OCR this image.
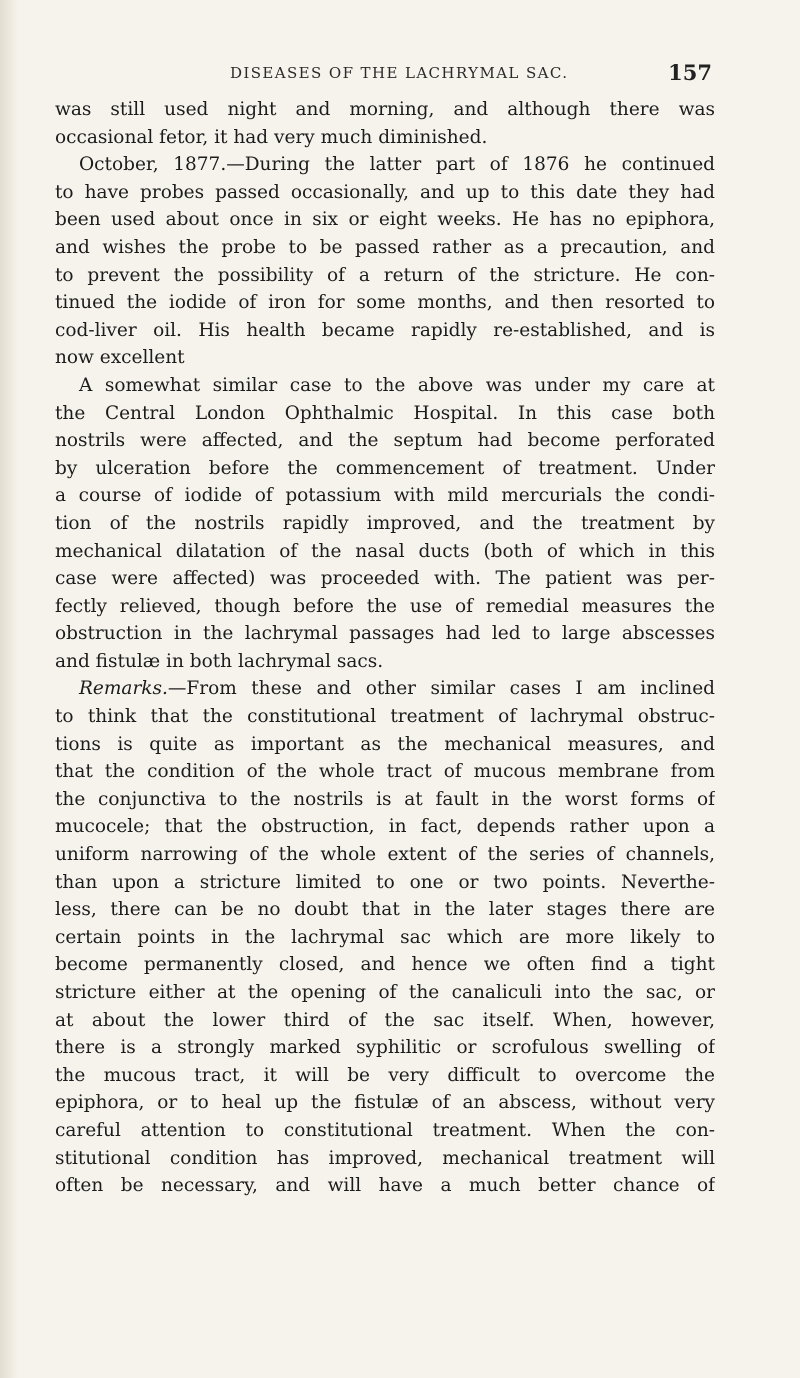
DISEASES OF THE LACHRYMAL SAC.	157
was still used night and morning, and although there was
occasional fetor, it had very much diminished.
October, 1877.—During the latter part of 1876 he continued
to have probes passed occasionally, and up to this date they had
been used about once in six or eight weeks. He has no epiphora,
and wishes the probe to be passed rather as a precaution, and
to prevent the possibility of a return of the stricture. He con-
tinued the iodide of iron for some months, and then resorted to
cod-liver oil. His health became rapidly re-established, and is
now excellent
A somewhat similar case to the above was under my care at
the Central London Ophthalmic Hospital. In this case both
nostrils were affected, and the septum had become perforated
by ulceration before the commencement of treatment. Under
a course of iodide of potassium with mild mercurials the condi-
tion of the nostrils rapidly improved, and the treatment by
mechanical dilatation of the nasal ducts (both of which in this
case were affected) was proceeded with. The patient was per-
fectly relieved, though before the use of remedial measures the
obstruction in the lachrymal passages had led to large abscesses
and fistulæ in both lachrymal sacs.
Remarks.—From these and other similar cases I am inclined
to think that the constitutional treatment of lachrymal obstruc-
tions is quite as important as the mechanical measures, and
that the condition of the whole tract of mucous membrane from
the conjunctiva to the nostrils is at fault in the worst forms of
mucocele; that the obstruction, in fact, depends rather upon a
uniform narrowing of the whole extent of the series of channels,
than upon a stricture limited to one or two points. Neverthe-
less, there can be no doubt that in the later stages there are
certain points in the lachrymal sac which are more likely to
become permanently closed, and hence we often find a tight
stricture either at the opening of the canaliculi into the sac, or
at about the lower third of the sac itself. When, however,
there is a strongly marked syphilitic or scrofulous swelling of
the mucous tract, it will be very difficult to overcome the
epiphora, or to heal up the fistulæ of an abscess, without very
careful attention to constitutional treatment. When the con-
stitutional condition has improved, mechanical treatment will
often be necessary, and will have a much better chance of
